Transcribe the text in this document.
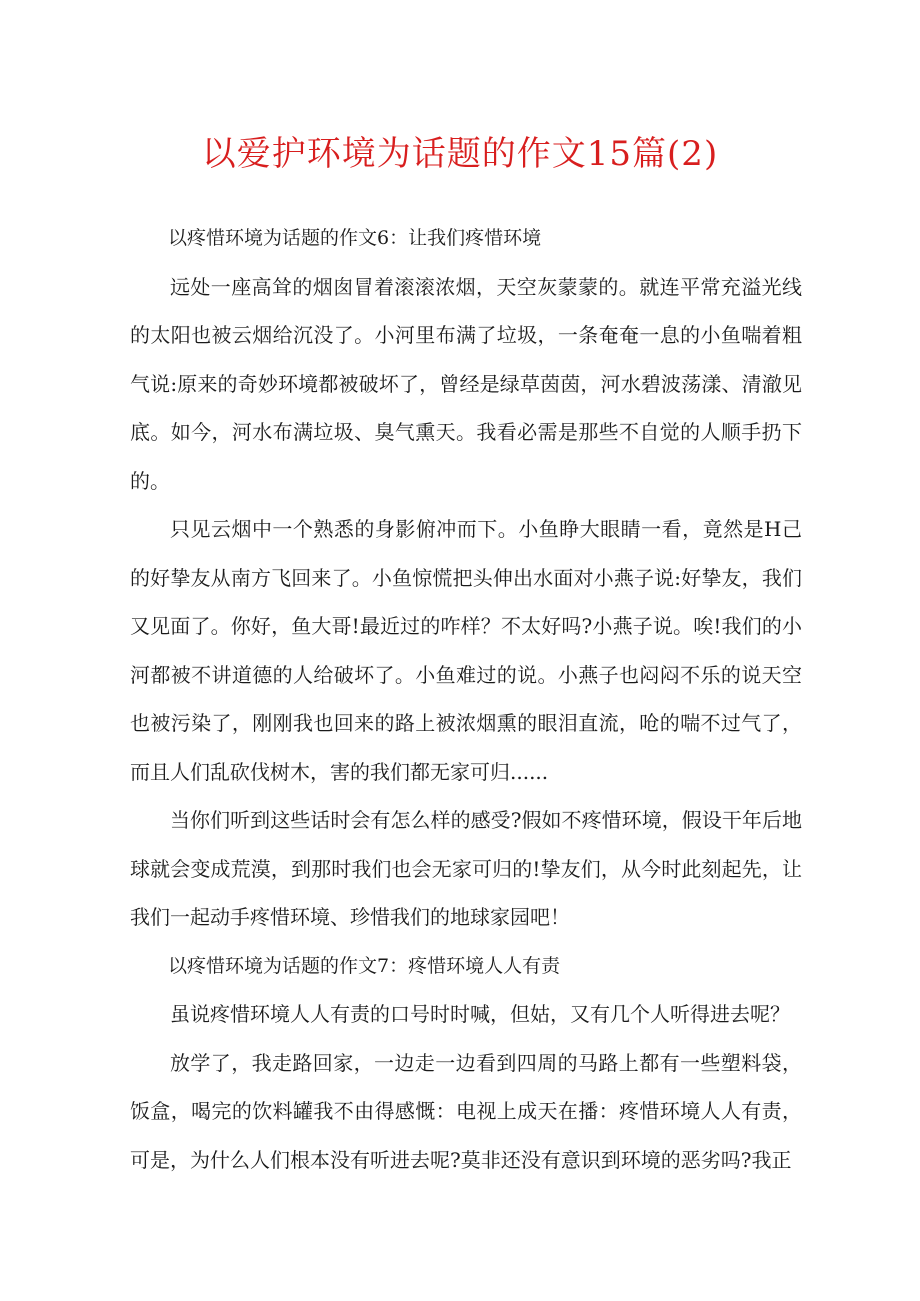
以爱护环境为话题的作文15篇(2)

以疼惜环境为话题的作文6：让我们疼惜环境

远处一座高耸的烟囱冒着滚滚浓烟，天空灰蒙蒙的。就连平常充溢光线的太阳也被云烟给沉没了。小河里布满了垃圾，一条奄奄一息的小鱼喘着粗气说:原来的奇妙环境都被破坏了，曾经是绿草茵茵，河水碧波荡漾、清澈见底。如今，河水布满垃圾、臭气熏天。我看必需是那些不自觉的人顺手扔下的。

只见云烟中一个熟悉的身影俯冲而下。小鱼睁大眼睛一看，竟然是H己的好挚友从南方飞回来了。小鱼惊慌把头伸出水面对小燕子说:好挚友，我们又见面了。你好，鱼大哥!最近过的咋样？不太好吗?小燕子说。唉!我们的小河都被不讲道德的人给破坏了。小鱼难过的说。小燕子也闷闷不乐的说天空也被污染了，刚刚我也回来的路上被浓烟熏的眼泪直流，呛的喘不过气了，而且人们乱砍伐树木，害的我们都无家可归......

当你们听到这些话时会有怎么样的感受?假如不疼惜环境，假设干年后地球就会变成荒漠，到那时我们也会无家可归的!挚友们，从今时此刻起先，让我们一起动手疼惜环境、珍惜我们的地球家园吧！

以疼惜环境为话题的作文7：疼惜环境人人有责

虽说疼惜环境人人有责的口号时时喊，但姑，又有几个人听得进去呢？

放学了，我走路回家，一边走一边看到四周的马路上都有一些塑料袋，饭盒，喝完的饮料罐我不由得感慨：电视上成天在播：疼惜环境人人有责，可是，为什么人们根本没有听进去呢?莫非还没有意识到环境的恶劣吗?我正
